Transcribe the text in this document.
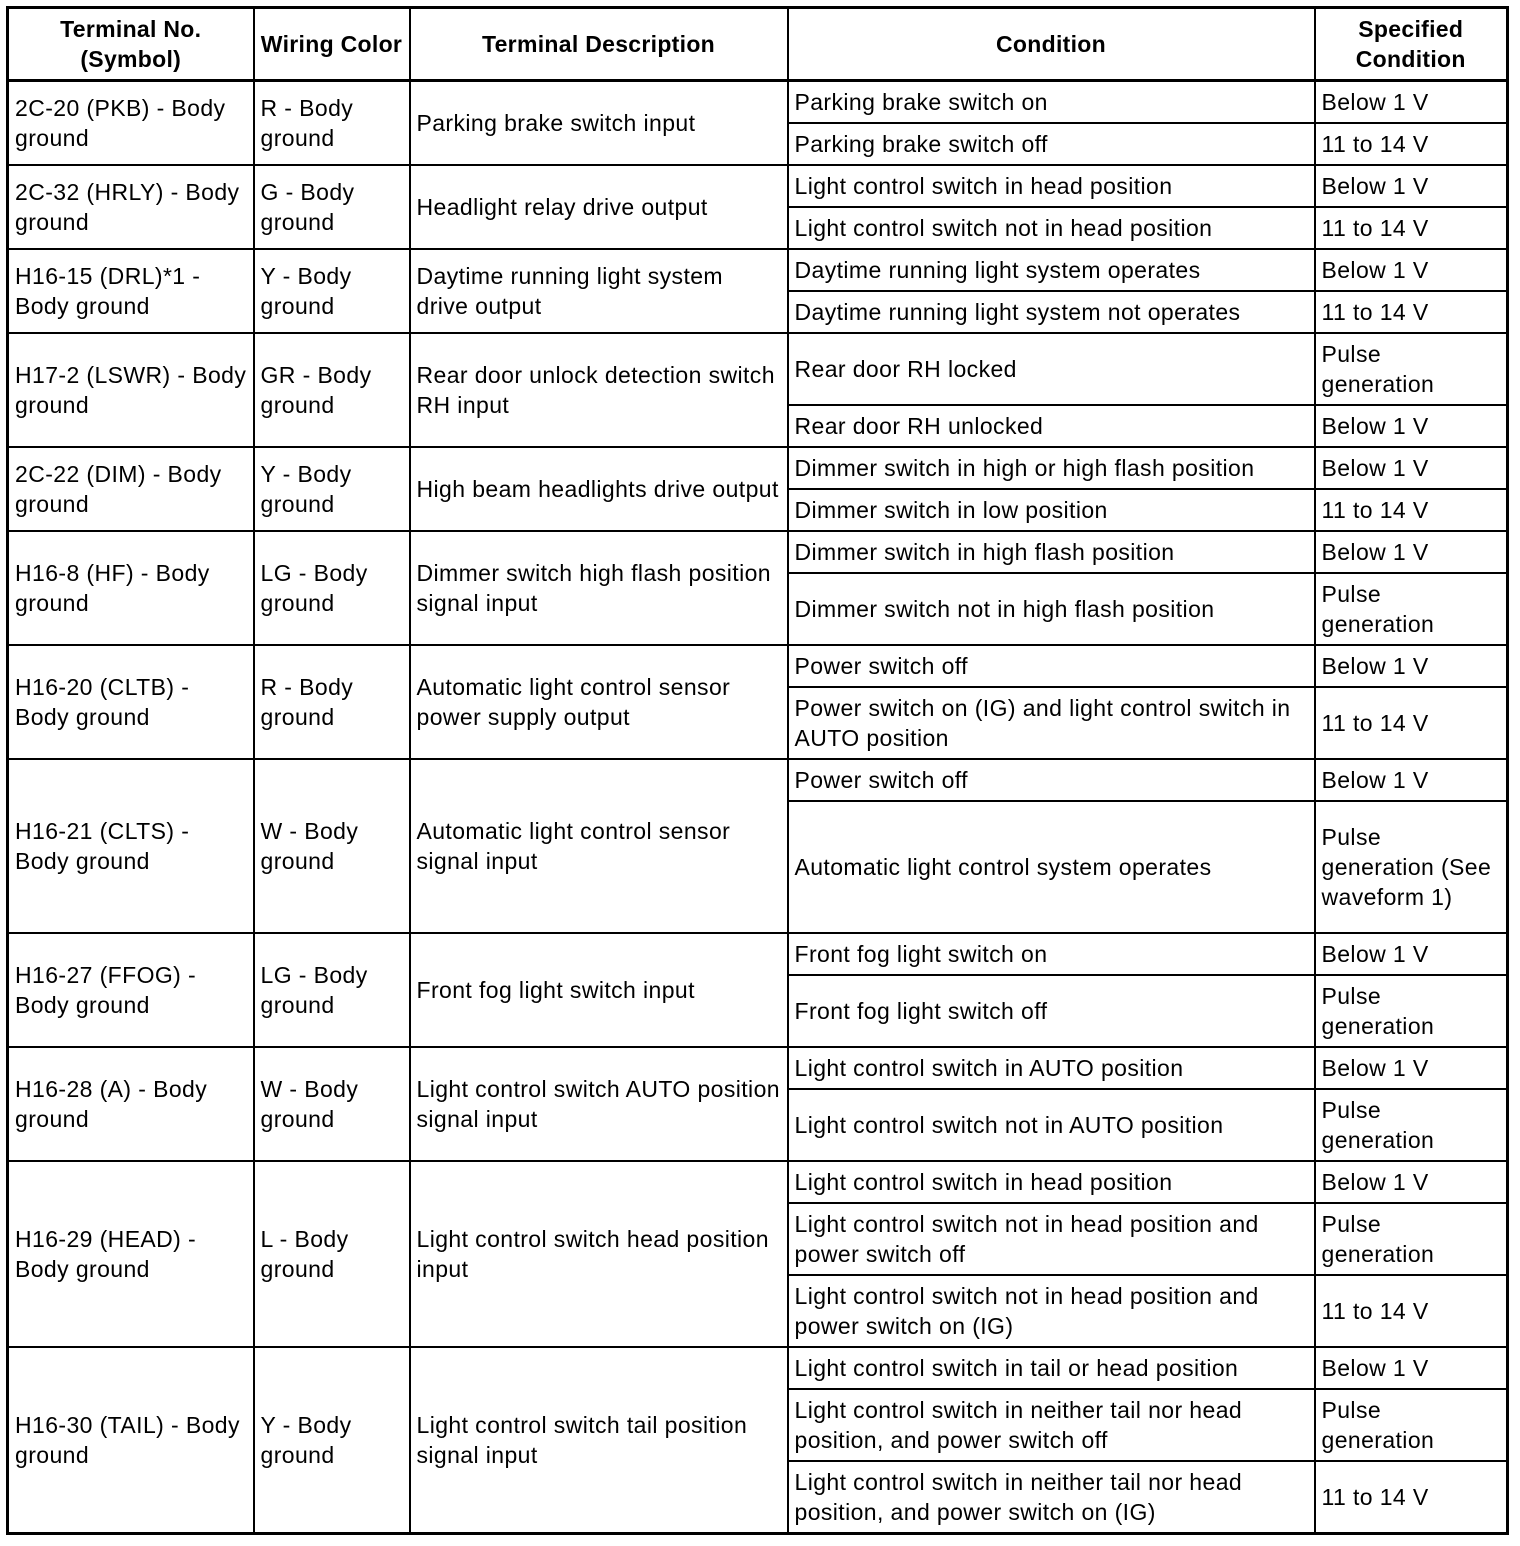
Terminal No. (Symbol)	Wiring Color	Terminal Description	Condition	Specified Condition
2C-20 (PKB) - Body ground	R - Body ground	Parking brake switch input	Parking brake switch on	Below 1 V
			Parking brake switch off	11 to 14 V
2C-32 (HRLY) - Body ground	G - Body ground	Headlight relay drive output	Light control switch in head position	Below 1 V
			Light control switch not in head position	11 to 14 V
H16-15 (DRL)*1 - Body ground	Y - Body ground	Daytime running light system drive output	Daytime running light system operates	Below 1 V
			Daytime running light system not operates	11 to 14 V
H17-2 (LSWR) - Body ground	GR - Body ground	Rear door unlock detection switch RH input	Rear door RH locked	Pulse generation
			Rear door RH unlocked	Below 1 V
2C-22 (DIM) - Body ground	Y - Body ground	High beam headlights drive output	Dimmer switch in high or high flash position	Below 1 V
			Dimmer switch in low position	11 to 14 V
H16-8 (HF) - Body ground	LG - Body ground	Dimmer switch high flash position signal input	Dimmer switch in high flash position	Below 1 V
			Dimmer switch not in high flash position	Pulse generation
H16-20 (CLTB) - Body ground	R - Body ground	Automatic light control sensor power supply output	Power switch off	Below 1 V
			Power switch on (IG) and light control switch in AUTO position	11 to 14 V
H16-21 (CLTS) - Body ground	W - Body ground	Automatic light control sensor signal input	Power switch off	Below 1 V
			Automatic light control system operates	Pulse generation (See waveform 1)
H16-27 (FFOG) - Body ground	LG - Body ground	Front fog light switch input	Front fog light switch on	Below 1 V
			Front fog light switch off	Pulse generation
H16-28 (A) - Body ground	W - Body ground	Light control switch AUTO position signal input	Light control switch in AUTO position	Below 1 V
			Light control switch not in AUTO position	Pulse generation
H16-29 (HEAD) - Body ground	L - Body ground	Light control switch head position input	Light control switch in head position	Below 1 V
			Light control switch not in head position and power switch off	Pulse generation
			Light control switch not in head position and power switch on (IG)	11 to 14 V
H16-30 (TAIL) - Body ground	Y - Body ground	Light control switch tail position signal input	Light control switch in tail or head position	Below 1 V
			Light control switch in neither tail nor head position, and power switch off	Pulse generation
			Light control switch in neither tail nor head position, and power switch on (IG)	11 to 14 V
